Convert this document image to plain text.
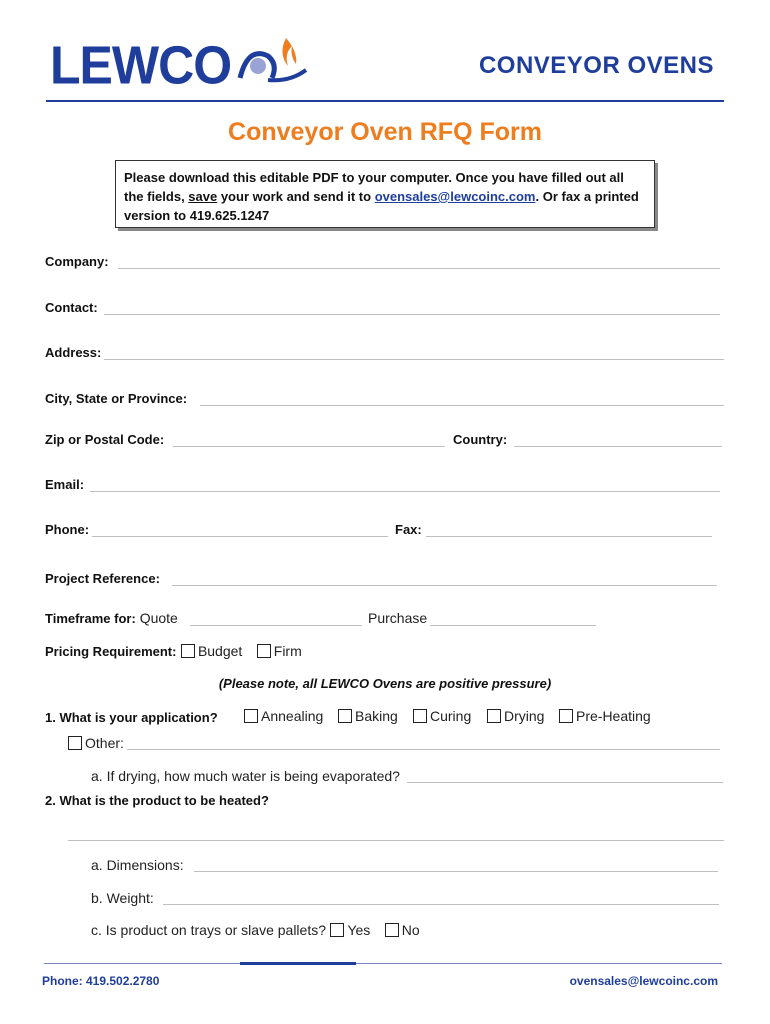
LEWCO	CONVEYOR OVENS
Conveyor Oven RFQ Form
Please download this editable PDF to your computer. Once you have filled out all the fields, save your work and send it to ovensales@lewcoinc.com. Or fax a printed version to 419.625.1247
Company:
Contact:
Address:
City, State or Province:
Zip or Postal Code:	Country:
Email:
Phone:	Fax:
Project Reference:
Timeframe for: Quote	Purchase
Pricing Requirement: Budget Firm
(Please note, all LEWCO Ovens are positive pressure)
1. What is your application?	Annealing	Baking	Curing	Drying	Pre-Heating
Other:
a. If drying, how much water is being evaporated?
2. What is the product to be heated?
a. Dimensions:
b. Weight:
c. Is product on trays or slave pallets? Yes No
Phone: 419.502.2780	ovensales@lewcoinc.com
